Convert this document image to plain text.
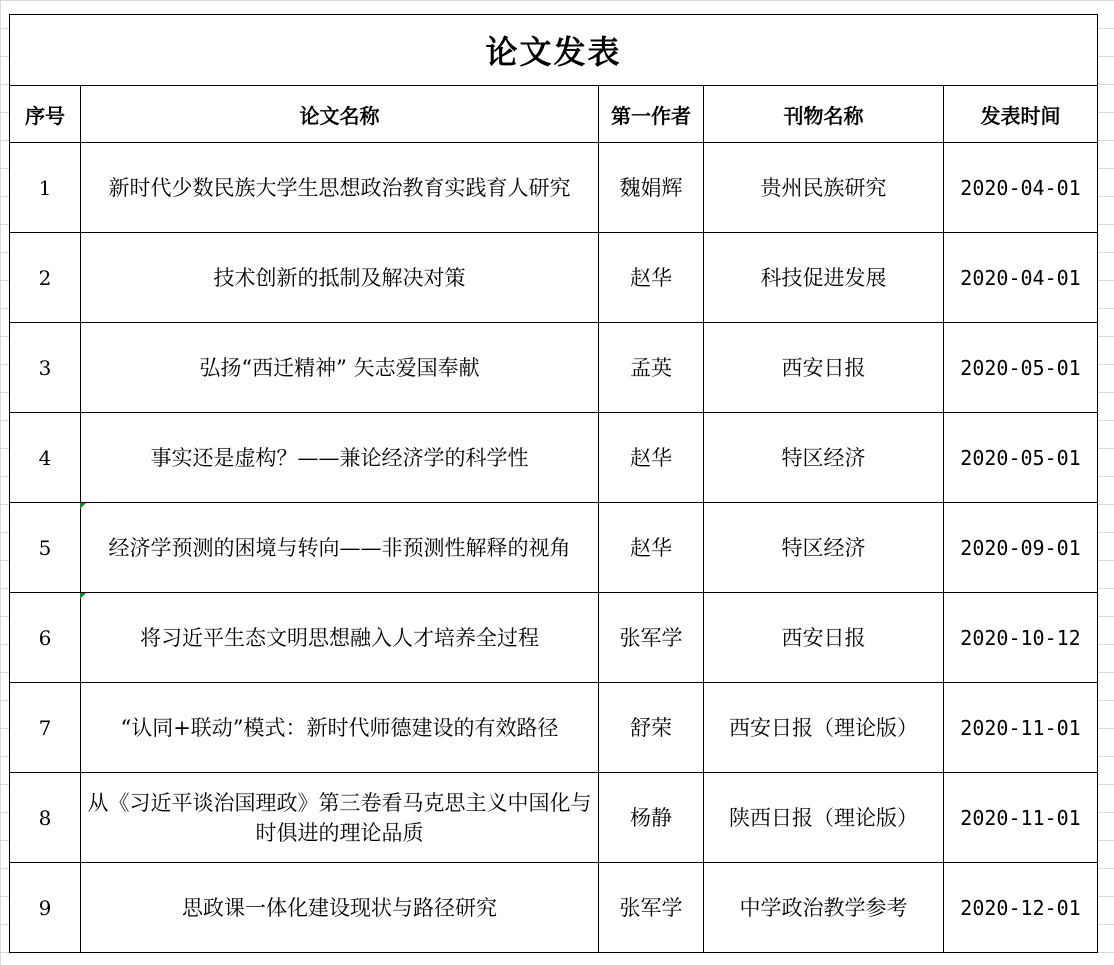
论文发表				
序号	论文名称	第一作者	刊物名称	发表时间
1	新时代少数民族大学生思想政治教育实践育人研究	魏娟辉	贵州民族研究	2020-04-01
2	技术创新的抵制及解决对策	赵华	科技促进发展	2020-04-01
3	弘扬“西迁精神” 矢志爱国奉献	孟英	西安日报	2020-05-01
4	事实还是虚构？——兼论经济学的科学性	赵华	特区经济	2020-05-01
5	经济学预测的困境与转向——非预测性解释的视角	赵华	特区经济	2020-09-01
6	将习近平生态文明思想融入人才培养全过程	张军学	西安日报	2020-10-12
7	“认同+联动”模式：新时代师德建设的有效路径	舒荣	西安日报（理论版）	2020-11-01
8	从《习近平谈治国理政》第三卷看马克思主义中国化与时俱进的理论品质	杨静	陕西日报（理论版）	2020-11-01
9	思政课一体化建设现状与路径研究	张军学	中学政治教学参考	2020-12-01
